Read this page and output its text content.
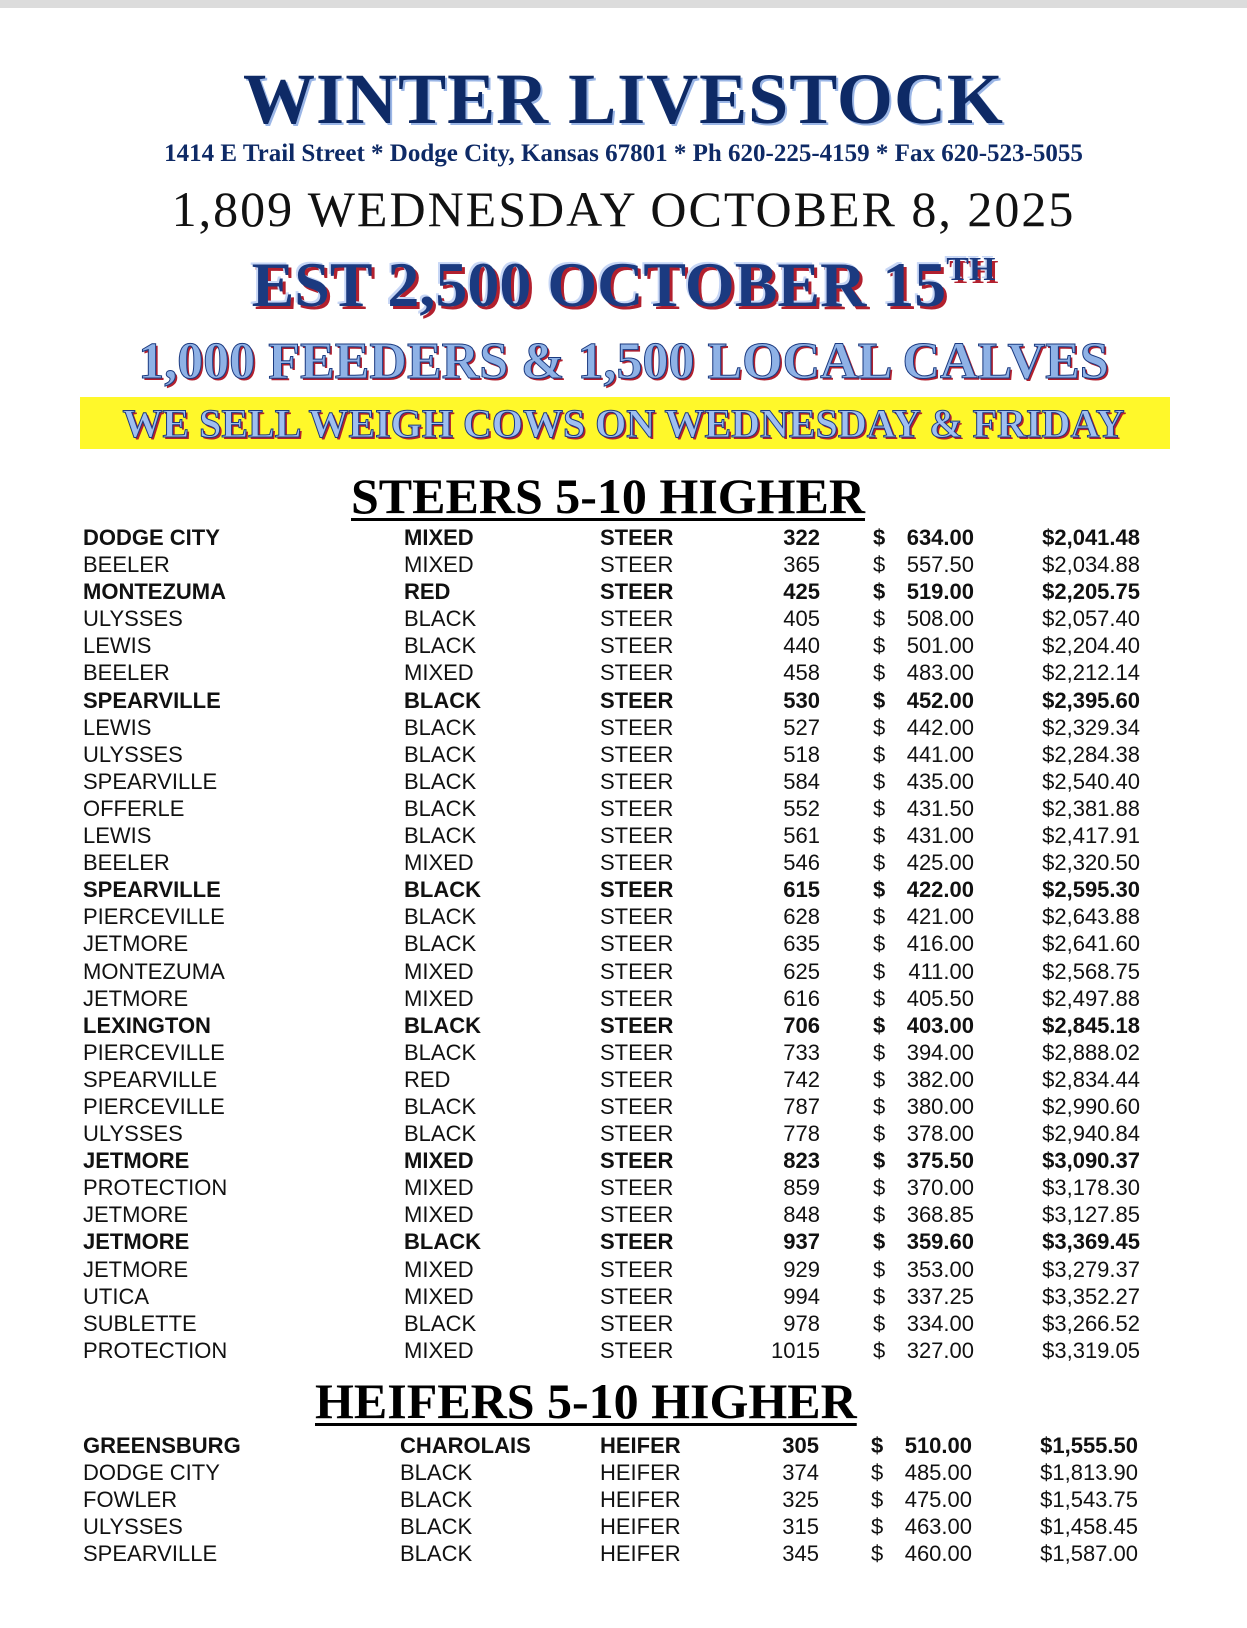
WINTER LIVESTOCK
1414 E Trail Street * Dodge City, Kansas 67801 * Ph 620-225-4159 * Fax 620-523-5055
1,809 WEDNESDAY OCTOBER 8, 2025
EST 2,500 OCTOBER 15TH
1,000 FEEDERS & 1,500 LOCAL CALVES
WE SELL WEIGH COWS ON WEDNESDAY & FRIDAY
STEERS 5-10 HIGHER
DODGE CITY	MIXED	STEER	322 $ 634.00	$2,041.48
BEELER	MIXED	STEER	365 $ 557.50	$2,034.88
MONTEZUMA	RED	STEER	425 $ 519.00	$2,205.75
ULYSSES	BLACK	STEER	405 $ 508.00	$2,057.40
LEWIS	BLACK	STEER	440 $ 501.00	$2,204.40
BEELER	MIXED	STEER	458 $ 483.00	$2,212.14
SPEARVILLE	BLACK	STEER	530 $ 452.00	$2,395.60
LEWIS	BLACK	STEER	527 $ 442.00	$2,329.34
ULYSSES	BLACK	STEER	518 $ 441.00	$2,284.38
SPEARVILLE	BLACK	STEER	584 $ 435.00	$2,540.40
OFFERLE	BLACK	STEER	552 $ 431.50	$2,381.88
LEWIS	BLACK	STEER	561 $ 431.00	$2,417.91
BEELER	MIXED	STEER	546 $ 425.00	$2,320.50
SPEARVILLE	BLACK	STEER	615 $ 422.00	$2,595.30
PIERCEVILLE	BLACK	STEER	628 $ 421.00	$2,643.88
JETMORE	BLACK	STEER	635 $ 416.00	$2,641.60
MONTEZUMA	MIXED	STEER	625 $	411.00	$2,568.75
JETMORE	MIXED	STEER	616 $ 405.50	$2,497.88
LEXINGTON	BLACK	STEER	706 $ 403.00	$2,845.18
PIERCEVILLE	BLACK	STEER	733 $ 394.00	$2,888.02
SPEARVILLE	RED	STEER	742 $ 382.00	$2,834.44
PIERCEVILLE	BLACK	STEER	787 $ 380.00	$2,990.60
ULYSSES	BLACK	STEER	778 $ 378.00	$2,940.84
JETMORE	MIXED	STEER	823 $ 375.50	$3,090.37
PROTECTION	MIXED	STEER	859 $ 370.00	$3,178.30
JETMORE	MIXED	STEER	848 $ 368.85	$3,127.85
JETMORE	BLACK	STEER	937 $ 359.60	$3,369.45
JETMORE	MIXED	STEER	929 $ 353.00	$3,279.37
UTICA	MIXED	STEER	994 $ 337.25	$3,352.27
SUBLETTE	BLACK	STEER	978 $ 334.00	$3,266.52
PROTECTION	MIXED	STEER	1015 $ 327.00	$3,319.05
HEIFERS 5-10 HIGHER
GREENSBURG	CHAROLAIS	HEIFER	305 $ 510.00	$1,555.50
DODGE CITY	BLACK	HEIFER	374 $ 485.00	$1,813.90
FOWLER	BLACK	HEIFER	325 $ 475.00	$1,543.75
ULYSSES	BLACK	HEIFER	315 $ 463.00	$1,458.45
SPEARVILLE	BLACK	HEIFER	345 $ 460.00	$1,587.00
